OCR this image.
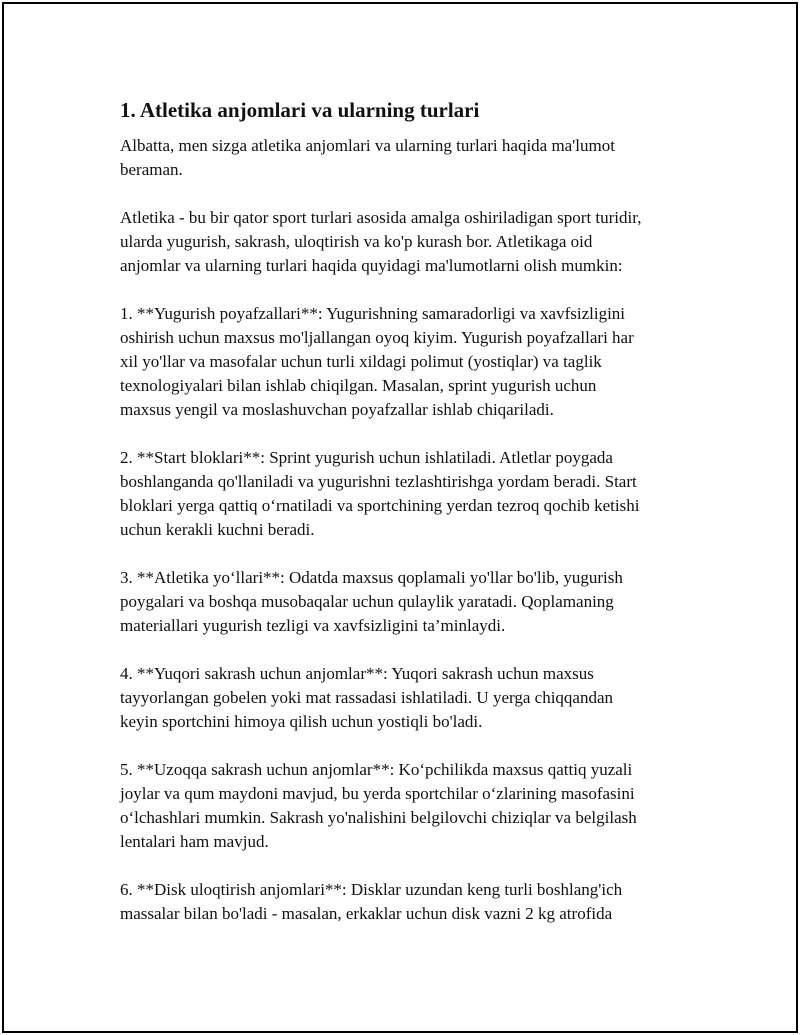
1. Atletika anjomlari va ularning turlari

Albatta, men sizga atletika anjomlari va ularning turlari haqida ma'lumot
beraman.

Atletika - bu bir qator sport turlari asosida amalga oshiriladigan sport turidir,
ularda yugurish, sakrash, uloqtirish va ko'p kurash bor. Atletikaga oid
anjomlar va ularning turlari haqida quyidagi ma'lumotlarni olish mumkin:

1. **Yugurish poyafzallari**: Yugurishning samaradorligi va xavfsizligini
oshirish uchun maxsus mo'ljallangan oyoq kiyim. Yugurish poyafzallari har
xil yo'llar va masofalar uchun turli xildagi polimut (yostiqlar) va taglik
texnologiyalari bilan ishlab chiqilgan. Masalan, sprint yugurish uchun
maxsus yengil va moslashuvchan poyafzallar ishlab chiqariladi.

2. **Start bloklari**: Sprint yugurish uchun ishlatiladi. Atletlar poygada
boshlanganda qo'llaniladi va yugurishni tezlashtirishga yordam beradi. Start
bloklari yerga qattiq o‘rnatiladi va sportchining yerdan tezroq qochib ketishi
uchun kerakli kuchni beradi.

3. **Atletika yo‘llari**: Odatda maxsus qoplamali yo'llar bo'lib, yugurish
poygalari va boshqa musobaqalar uchun qulaylik yaratadi. Qoplamaning
materiallari yugurish tezligi va xavfsizligini ta’minlaydi.

4. **Yuqori sakrash uchun anjomlar**: Yuqori sakrash uchun maxsus
tayyorlangan gobelen yoki mat rassadasi ishlatiladi. U yerga chiqqandan
keyin sportchini himoya qilish uchun yostiqli bo'ladi.

5. **Uzoqqa sakrash uchun anjomlar**: Ko‘pchilikda maxsus qattiq yuzali
joylar va qum maydoni mavjud, bu yerda sportchilar o‘zlarining masofasini
o‘lchashlari mumkin. Sakrash yo'nalishini belgilovchi chiziqlar va belgilash
lentalari ham mavjud.

6. **Disk uloqtirish anjomlari**: Disklar uzundan keng turli boshlang'ich
massalar bilan bo'ladi - masalan, erkaklar uchun disk vazni 2 kg atrofida
